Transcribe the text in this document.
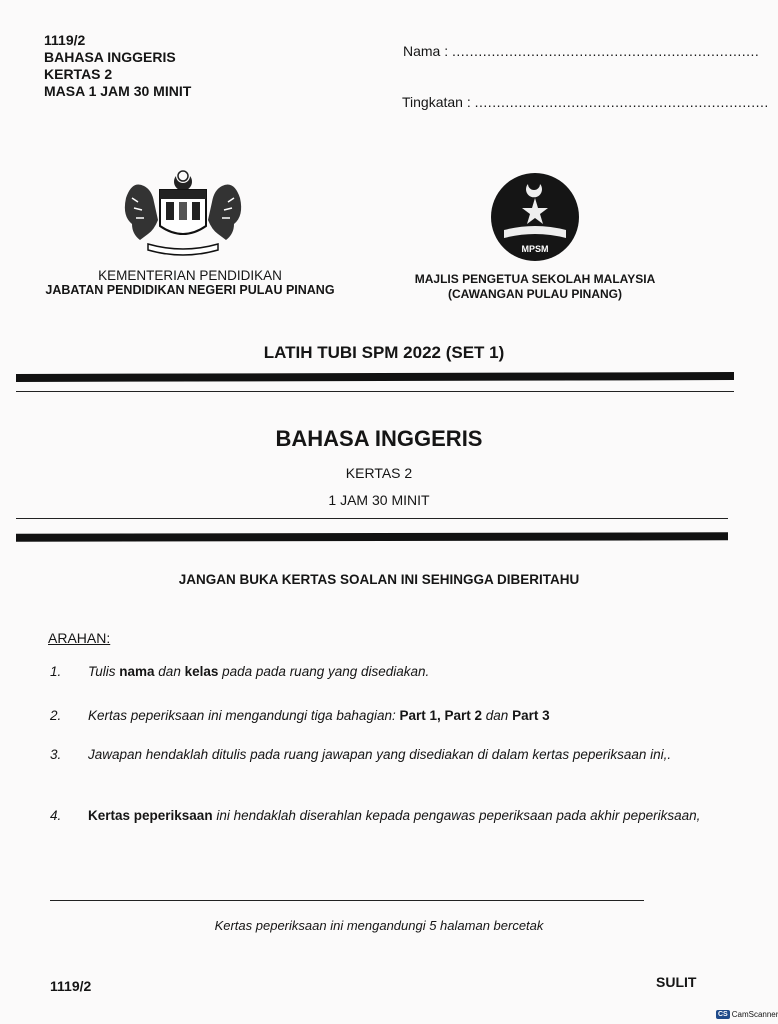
1119/2
BAHASA INGGERIS
KERTAS 2
MASA 1 JAM 30 MINIT
Nama : ......................................................................
Tingkatan : ...................................................................
MPSM
KEMENTERIAN PENDIDIKAN
JABATAN PENDIDIKAN NEGERI PULAU PINANG
MAJLIS PENGETUA SEKOLAH MALAYSIA
(CAWANGAN PULAU PINANG)
LATIH TUBI SPM 2022 (SET 1)
BAHASA INGGERIS
KERTAS 2
1 JAM 30 MINIT
JANGAN BUKA KERTAS SOALAN INI SEHINGGA DIBERITAHU
ARAHAN:
1. Tulis nama dan kelas pada pada ruang yang disediakan.
2. Kertas peperiksaan ini mengandungi tiga bahagian: Part 1, Part 2 dan Part 3
3. Jawapan hendaklah ditulis pada ruang jawapan yang disediakan di dalam kertas peperiksaan ini,.
4. Kertas peperiksaan ini hendaklah diserahlan kepada pengawas peperiksaan pada akhir peperiksaan,
Kertas peperiksaan ini mengandungi 5 halaman bercetak
1119/2	SULIT
CS CamScanner
